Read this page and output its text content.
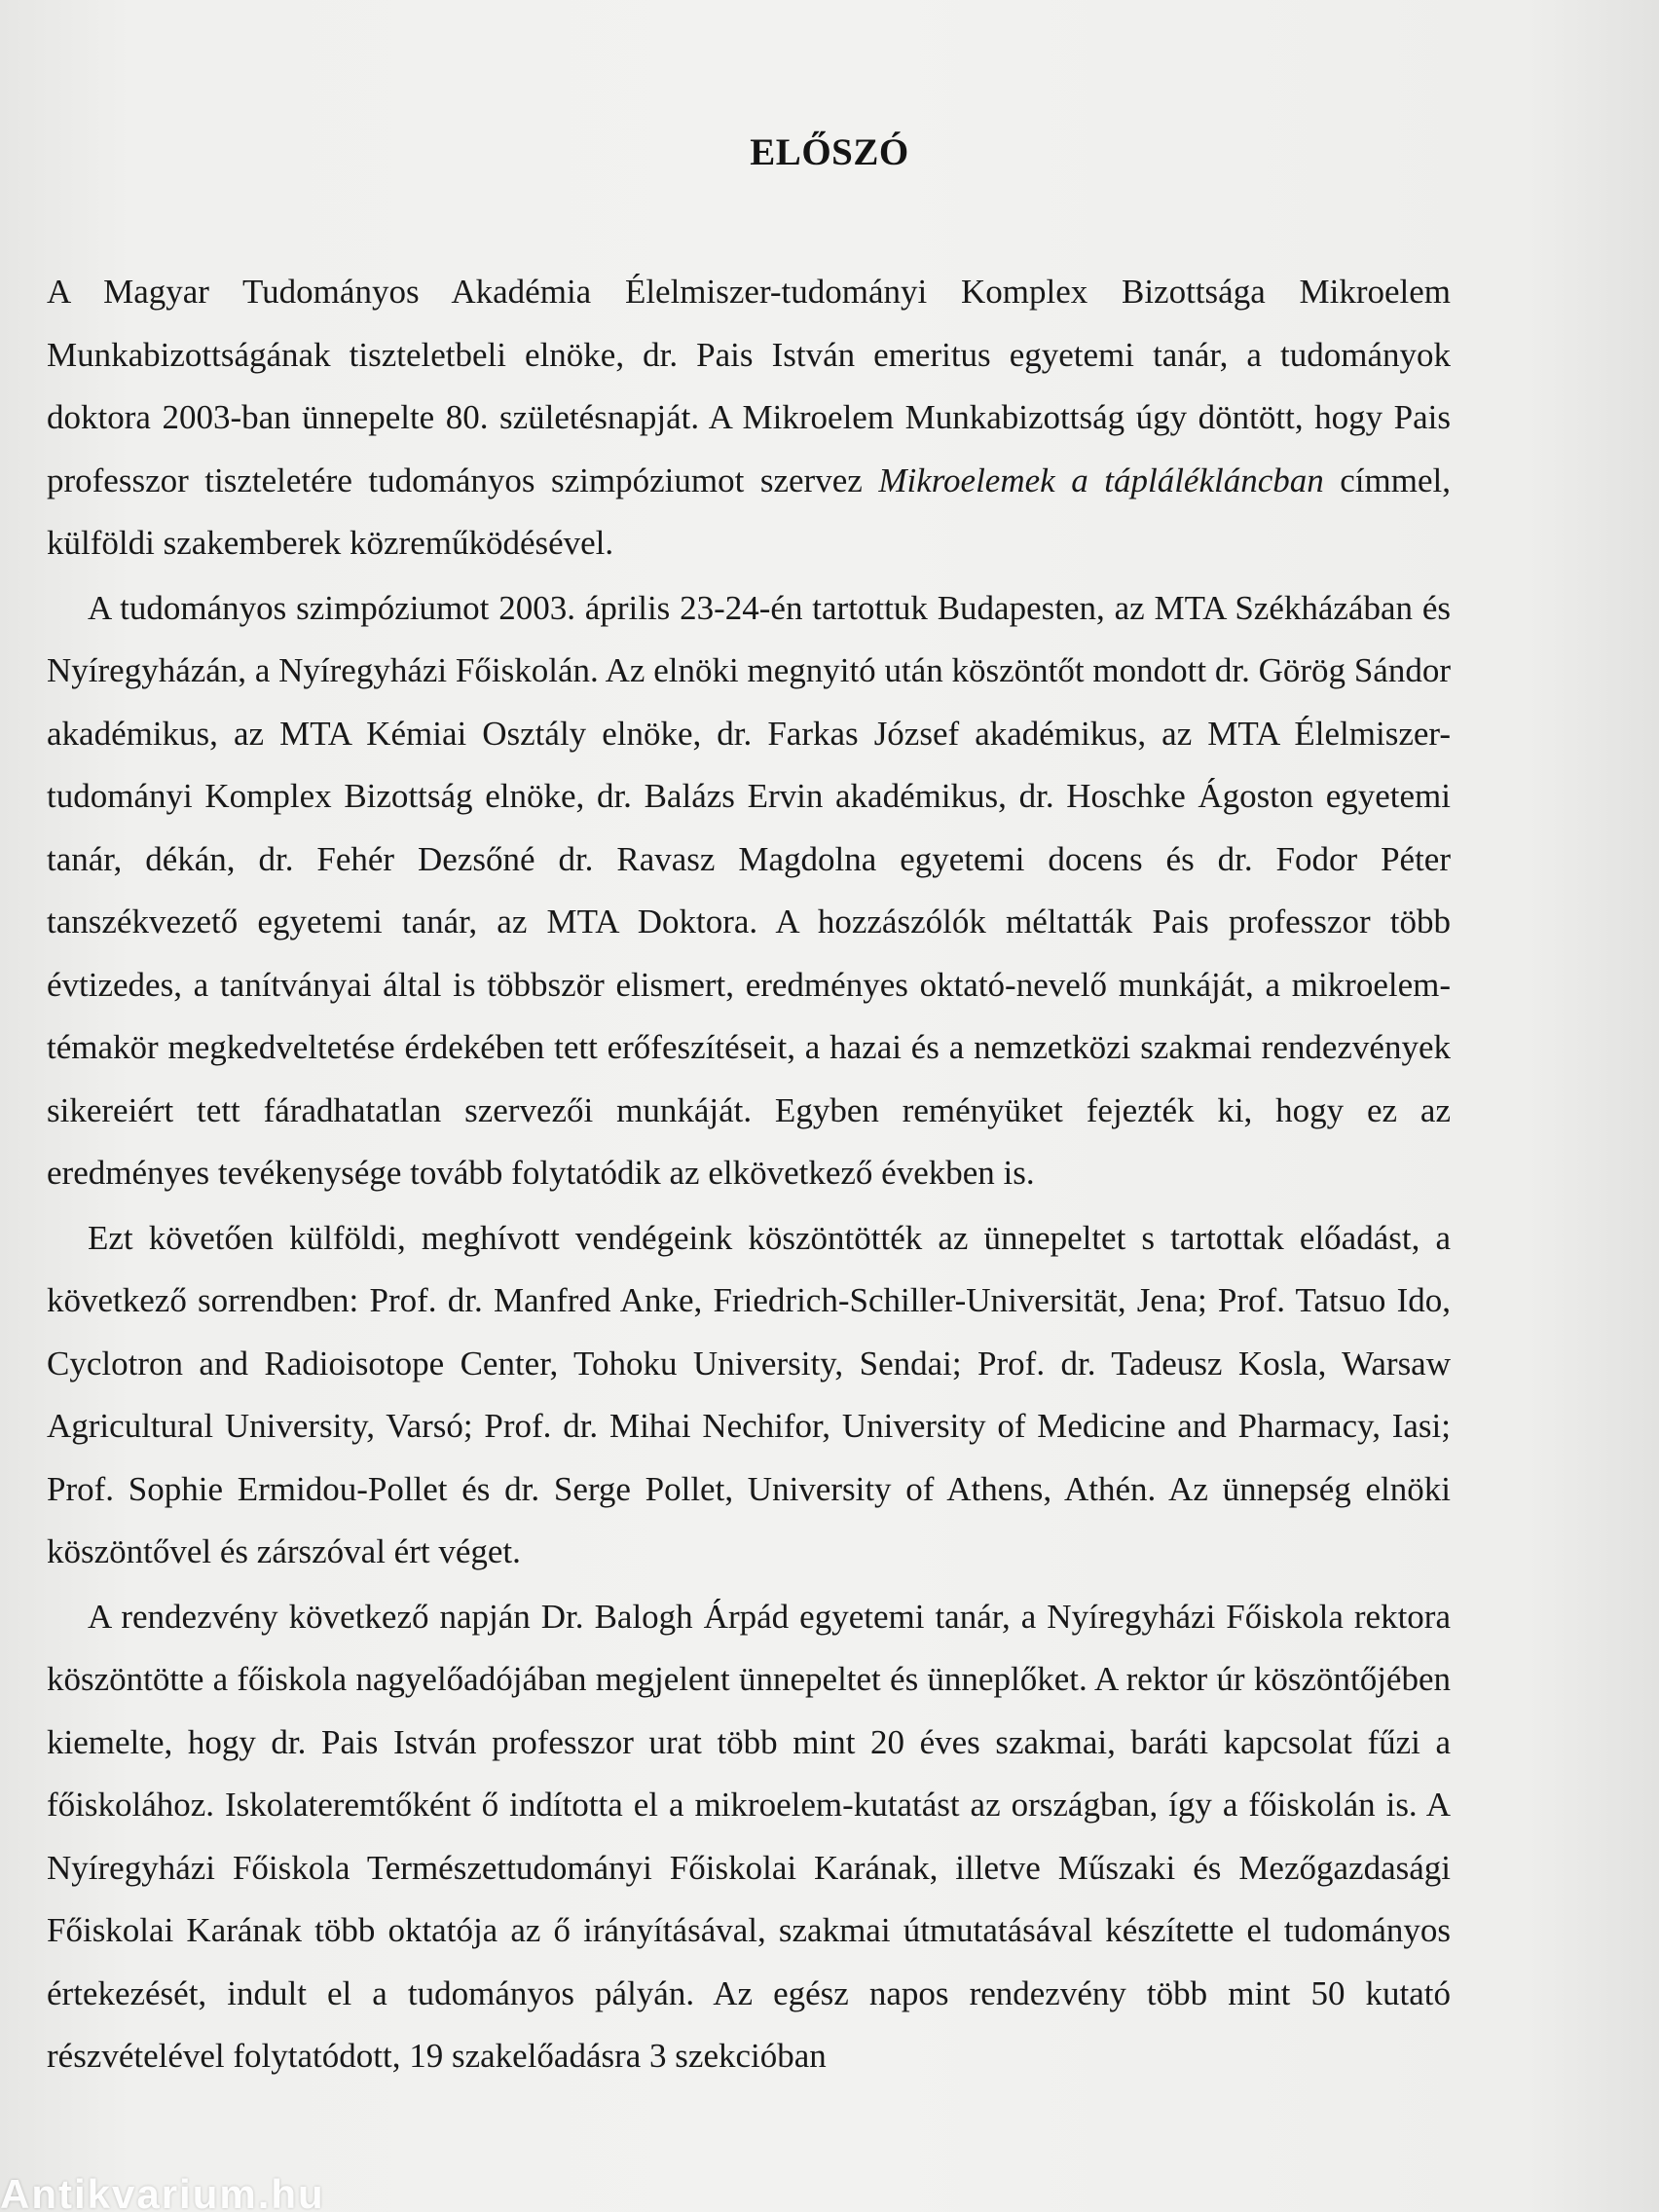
ELŐSZÓ

A Magyar Tudományos Akadémia Élelmiszer-tudományi Komplex Bizottsága Mikroelem Munkabizottságának tiszteletbeli elnöke, dr. Pais István emeritus egyetemi tanár, a tudományok doktora 2003-ban ünnepelte 80. születésnapját. A Mikroelem Munkabizottság úgy döntött, hogy Pais professzor tiszteletére tudományos szimpóziumot szervez Mikroelemek a táplálékláncban címmel, külföldi szakemberek közreműködésével.

A tudományos szimpóziumot 2003. április 23-24-én tartottuk Budapesten, az MTA Székházában és Nyíregyházán, a Nyíregyházi Főiskolán. Az elnöki megnyitó után köszöntőt mondott dr. Görög Sándor akadémikus, az MTA Kémiai Osztály elnöke, dr. Farkas József akadémikus, az MTA Élelmiszer-tudományi Komplex Bizottság elnöke, dr. Balázs Ervin akadémikus, dr. Hoschke Ágoston egyetemi tanár, dékán, dr. Fehér Dezsőné dr. Ravasz Magdolna egyetemi docens és dr. Fodor Péter tanszékvezető egyetemi tanár, az MTA Doktora. A hozzászólók méltatták Pais professzor több évtizedes, a tanítványai által is többször elismert, eredményes oktató-nevelő munkáját, a mikroelem-témakör megkedveltetése érdekében tett erőfeszítéseit, a hazai és a nemzetközi szakmai rendezvények sikereiért tett fáradhatatlan szervezői munkáját. Egyben reményüket fejezték ki, hogy ez az eredményes tevékenysége tovább folytatódik az elkövetkező években is.

Ezt követően külföldi, meghívott vendégeink köszöntötték az ünnepeltet s tartottak előadást, a következő sorrendben: Prof. dr. Manfred Anke, Friedrich-Schiller-Universität, Jena; Prof. Tatsuo Ido, Cyclotron and Radioisotope Center, Tohoku University, Sendai; Prof. dr. Tadeusz Kosla, Warsaw Agricultural University, Varsó; Prof. dr. Mihai Nechifor, University of Medicine and Pharmacy, Iasi; Prof. Sophie Ermidou-Pollet és dr. Serge Pollet, University of Athens, Athén. Az ünnepség elnöki köszöntővel és zárszóval ért véget.

A rendezvény következő napján Dr. Balogh Árpád egyetemi tanár, a Nyíregyházi Főiskola rektora köszöntötte a főiskola nagyelőadójában megjelent ünnepeltet és ünneplőket. A rektor úr köszöntőjében kiemelte, hogy dr. Pais István professzor urat több mint 20 éves szakmai, baráti kapcsolat fűzi a főiskolához. Iskolateremtőként ő indította el a mikroelem-kutatást az országban, így a főiskolán is. A Nyíregyházi Főiskola Természettudományi Főiskolai Karának, illetve Műszaki és Mezőgazdasági Főiskolai Karának több oktatója az ő irányításával, szakmai útmutatásával készítette el tudományos értekezését, indult el a tudományos pályán. Az egész napos rendezvény több mint 50 kutató részvételével folytatódott, 19 szakelőadásra 3 szekcióban

Antikvarium.hu
